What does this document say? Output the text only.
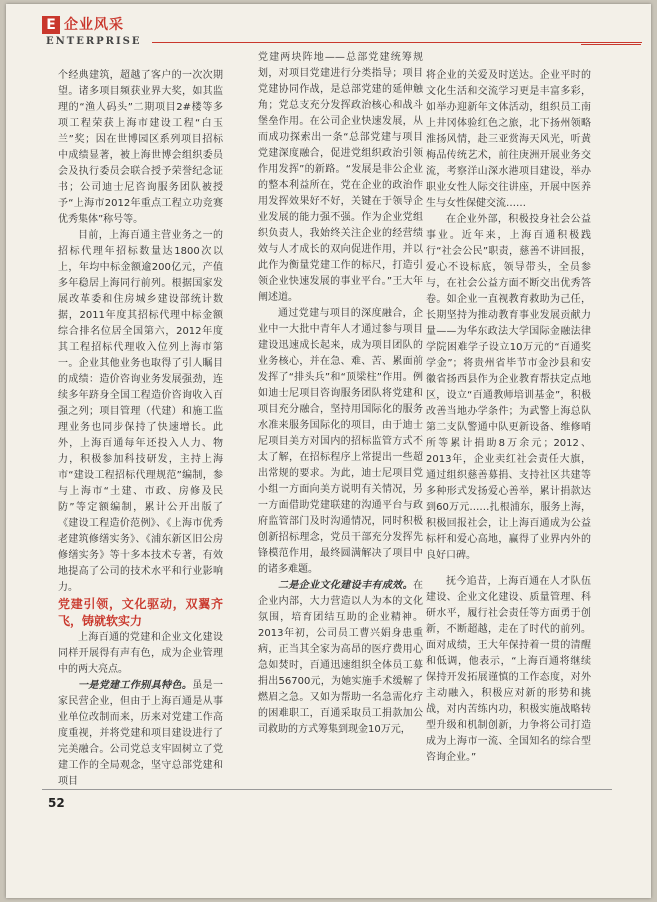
E 企业风采
ENTERPRISE

个经典建筑，超越了客户的一次次期望。诸多项目频获业界大奖，如其监理的“渔人码头”二期项目2#楼等多项工程荣获上海市建设工程“白玉兰”奖；因在世博园区系列项目招标中成绩显著，被上海世博会组织委员会及执行委员会联合授予荣誉纪念证书；公司迪士尼咨询服务团队被授予“上海市2012年重点工程立功竞赛优秀集体”称号等。

目前，上海百通主营业务之一的招标代理年招标数量达1800次以上，年均中标金额逾200亿元，产值多年稳居上海同行前列。根据国家发展改革委和住房城乡建设部统计数据，2011年度其招标代理中标金额综合排名位居全国第六，2012年度其工程招标代理收入位列上海市第一。企业其他业务也取得了引人瞩目的成绩：造价咨询业务发展强劲，连续多年跻身全国工程造价咨询收入百强之列；项目管理（代建）和施工监理业务也同步保持了快速增长。此外，上海百通每年还投入人力、物力，积极参加科技研发，主持上海市“建设工程招标代理规范”编制，参与上海市“土建、市政、房修及民防”等定额编制，累计公开出版了《建设工程造价范例》、《上海市优秀老建筑修缮实务》、《浦东新区旧公房修缮实务》等十多本技术专著，有效地提高了公司的技术水平和行业影响力。

党建引领，文化驱动，双翼齐飞，铸就软实力

上海百通的党建和企业文化建设同样开展得有声有色，成为企业管理中的两大亮点。

一是党建工作别具特色。虽是一家民营企业，但由于上海百通是从事业单位改制而来，历来对党建工作高度重视，并将党建和项目建设进行了完美融合。公司党总支牢固树立了党建工作的全局观念，坚守总部党建和项目

党建两块阵地——总部党建统筹规划，对项目党建进行分类指导；项目党建协同作战，是总部党建的延伸触角；党总支充分发挥政治核心和战斗堡垒作用。在公司企业快速发展，从而成功探索出一条“总部党建与项目党建深度融合，促进党组织政治引领作用发挥”的新路。“发展是非公企业的整本利益所在，党在企业的政治作用发挥效果好不好，关键在于领导企业发展的能力强不强。作为企业党组织负责人，我始终关注企业的经营绩效与人才成长的双向促进作用，并以此作为衡量党建工作的标尺，打造引领企业快速发展的事业平台。”王大年阐述道。

通过党建与项目的深度融合，企业中一大批中青年人才通过参与项目建设迅速成长起来，成为项目团队的业务核心，并在急、难、苦、累面前发挥了“排头兵”和“顶梁柱”作用。例如迪士尼项目咨询服务团队将党建和项目充分融合，坚持用国际化的服务水准来服务国际化的项目，由于迪士尼项目美方对国内的招标监管方式不太了解，在招标程序上常提出一些超出常规的要求。为此，迪士尼项目党小组一方面向美方说明有关情况，另一方面借助党建联建的沟通平台与政府监管部门及时沟通情况，同时积极创新招标理念，党员干部充分发挥先锋模范作用，最终圆满解决了项目中的诸多难题。

二是企业文化建设丰有成效。在企业内部，大力营造以人为本的文化氛围，培育团结互助的企业精神。2013年初，公司员工曹兴娟身患重病，正当其全家为高昂的医疗费用心急如焚时，百通迅速组织全体员工募捐出56700元，为她实施手术缓解了燃眉之急。又如为帮助一名急需化疗的困难职工，百通采取员工捐款加公司救助的方式筹集到现金10万元，

将企业的关爱及时送达。企业平时的文化生活和交流学习更是丰富多彩，如举办迎新年文体活动，组织员工南上井冈体验红色之旅，北下扬州领略淮扬风情，赴三亚赏海天风光，听黄梅品传统艺术，前往庚洲开展业务交流，考察洋山深水港项目建设，举办职业女性人际交往讲座，开展中医养生与女性保健交流……

在企业外部，积极投身社会公益事业。近年来，上海百通积极践行“社会公民”职责，慈善不讲回报，爱心不设标底，领导带头，全员参与，在社会公益方面不断交出优秀答卷。如企业一直视教育救助为己任，长期坚持为推动教育事业发展贡献力量——为华东政法大学国际金融法律学院困难学子设立10万元的“百通奖学金”；将贵州省毕节市金沙县和安徽省扬西县作为企业教育帮扶定点地区，设立“百通教师培训基金”，积极改善当地办学条件；为武警上海总队第二支队警通中队更新设备、维修哨所等累计捐助8万余元；2012、2013年，企业卖红社会责任大旗，通过组织慈善募捐、支持社区共建等多种形式发扬爱心善举，累计捐款达到60万元……扎根浦东，服务上海，积极回报社会，让上海百通成为公益标杆和爱心高地，赢得了业界内外的良好口碑。

抚今追昔，上海百通在人才队伍建设、企业文化建设、质量管理、科研水平，履行社会责任等方面勇于创新，不断超越，走在了时代的前列。面对成绩，王大年保持着一贯的清醒和低调，他表示，“上海百通将继续保持开发拓展谨慎的工作态度，对外主动融入，积极应对新的形势和挑战，对内苦练内功，积极实施战略转型升级和机制创新，力争将公司打造成为上海市一流、全国知名的综合型咨询企业。”

52
